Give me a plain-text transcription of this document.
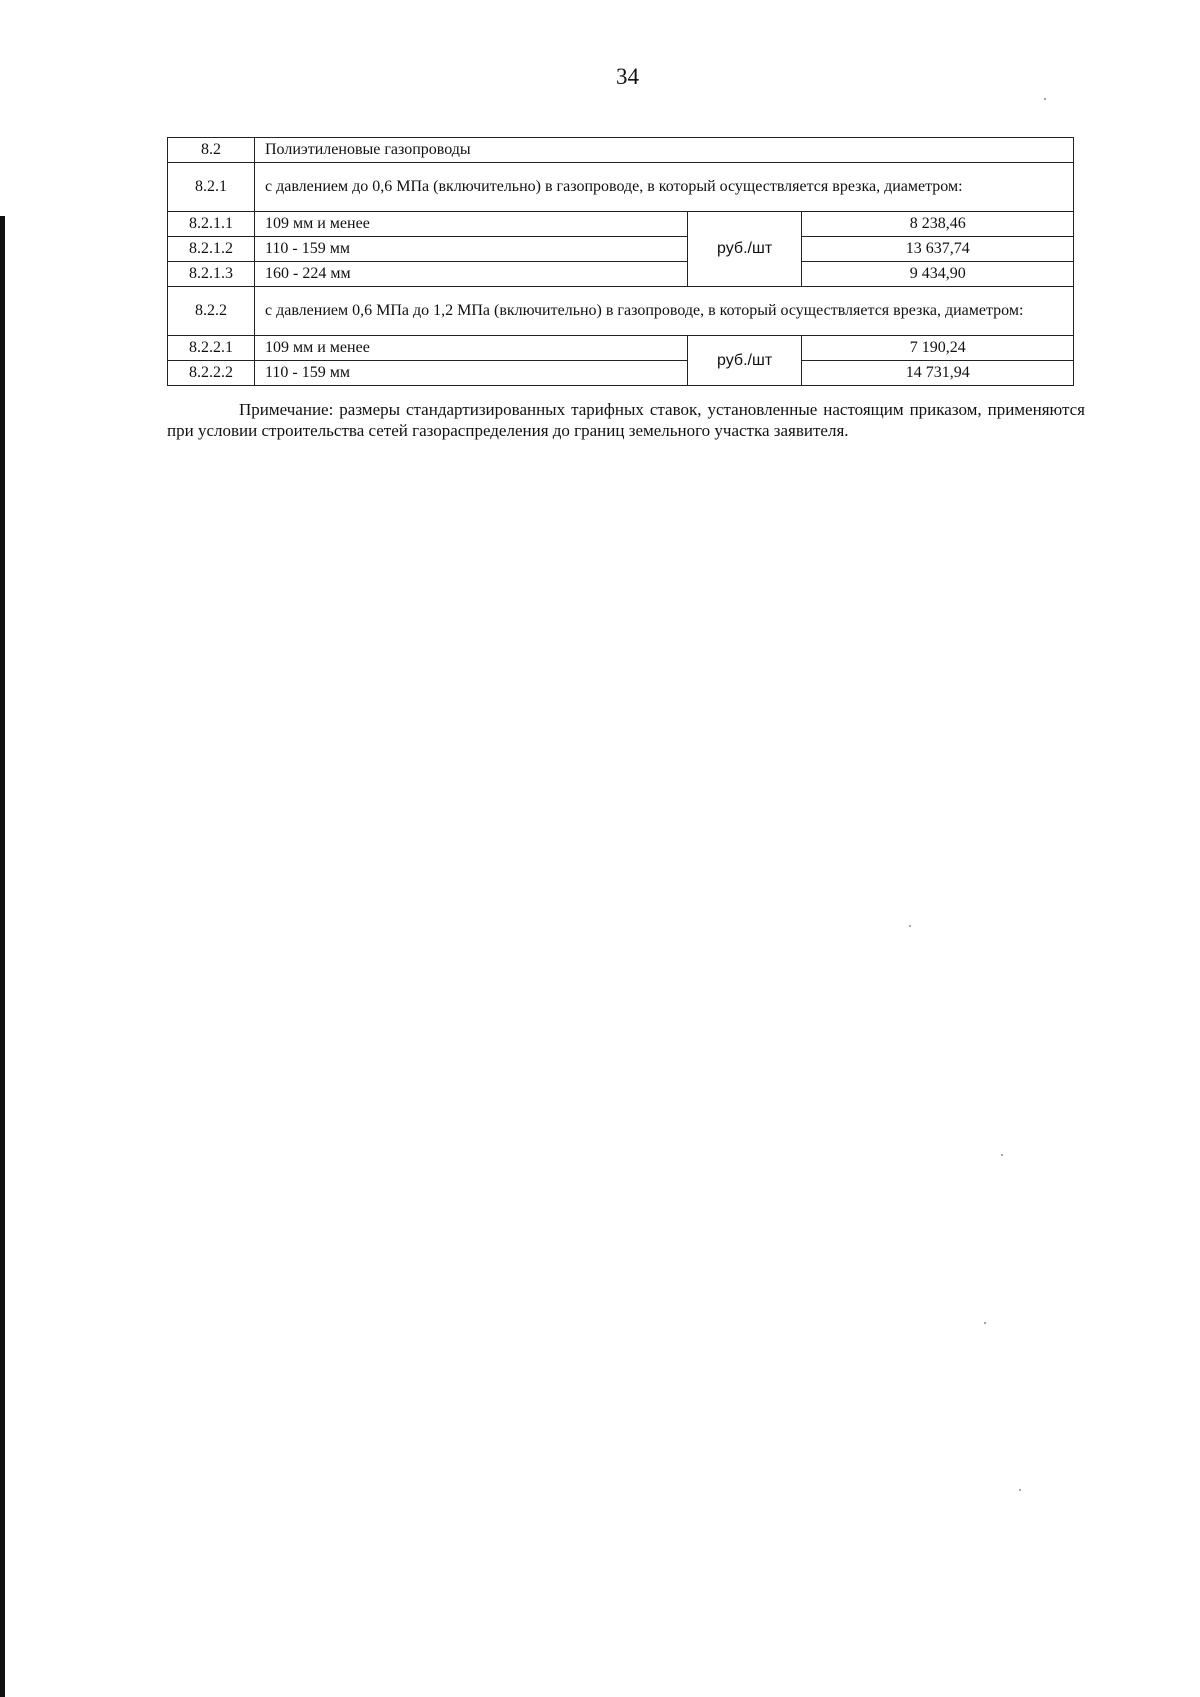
34
8.2	Полиэтиленовые газопроводы		
8.2.1	с давлением до 0,6 МПа (включительно) в газопроводе, в который осуществляется врезка, диаметром:		
8.2.1.1	109 мм и менее	руб./шт	8 238,46
8.2.1.2	110 - 159 мм		13 637,74
8.2.1.3	160 - 224 мм		9 434,90
8.2.2	с давлением 0,6 МПа до 1,2 МПа (включительно) в газопроводе, в который осуществляется врезка, диаметром:		
8.2.2.1	109 мм и менее	руб./шт	7 190,24
8.2.2.2	110 - 159 мм		14 731,94
Примечание: размеры стандартизированных тарифных ставок, установленные настоящим приказом, применяются при условии строительства сетей газораспределения до границ земельного участка заявителя.
